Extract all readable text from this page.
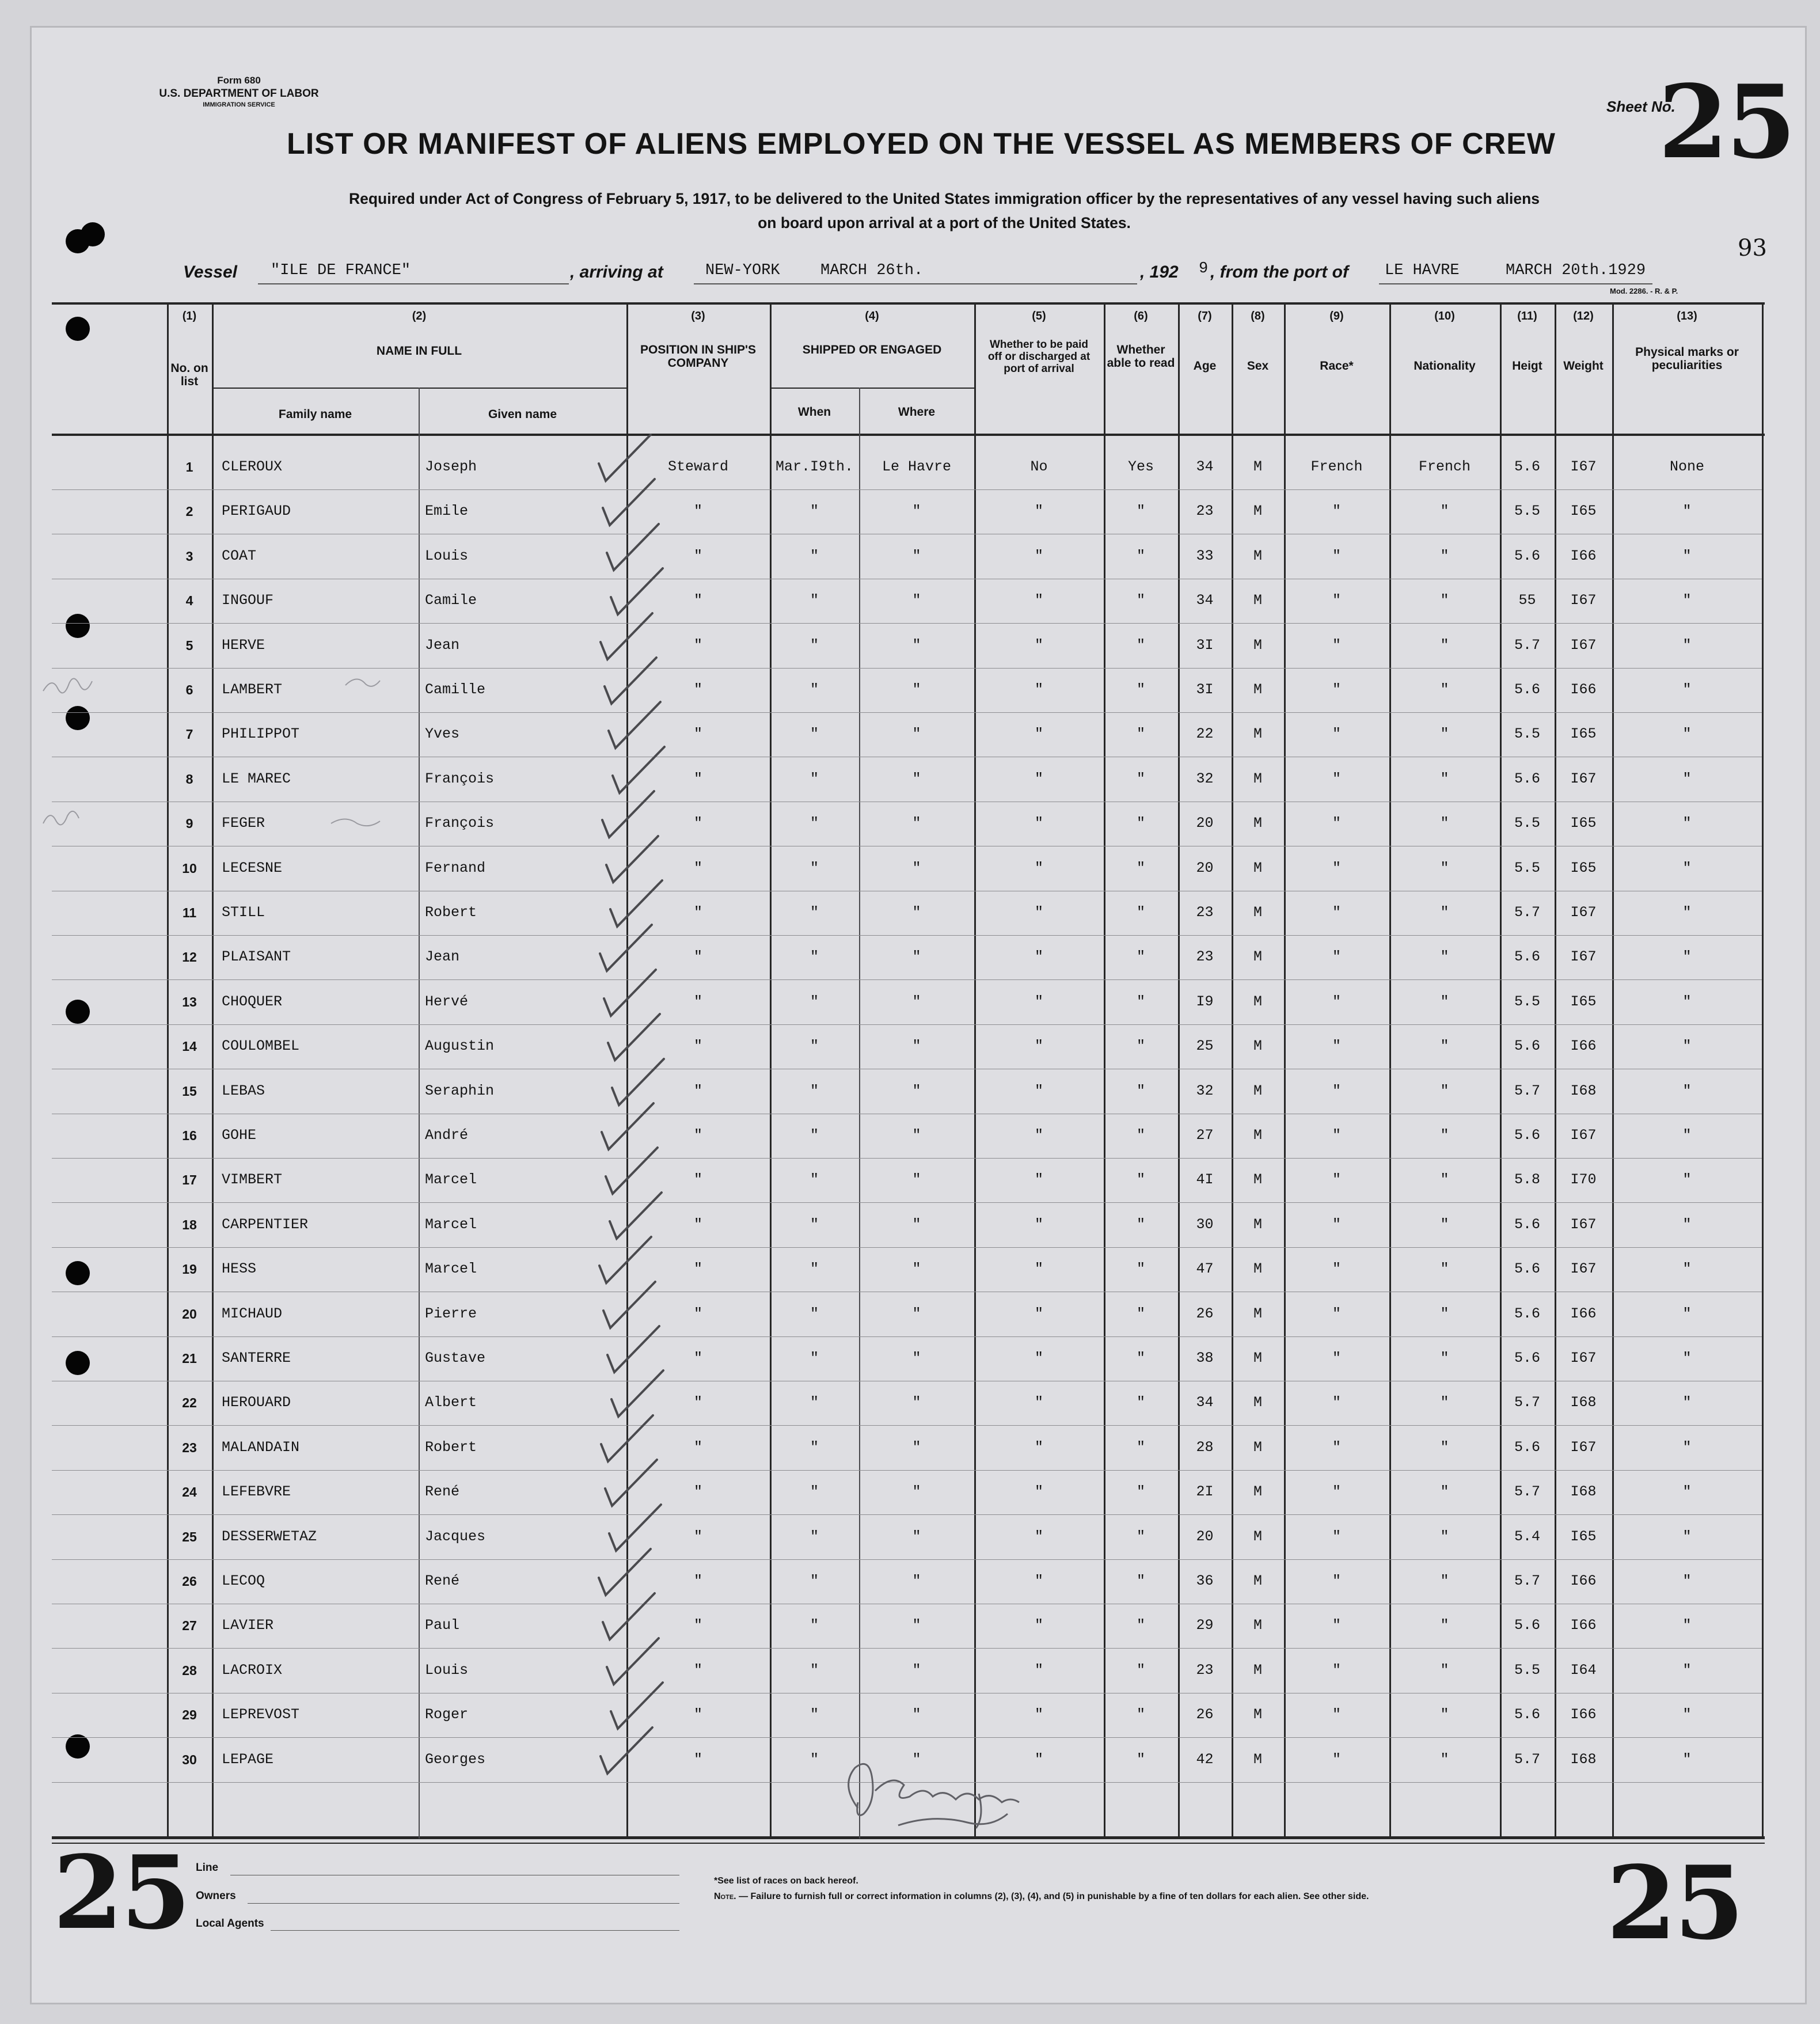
Form 680
U.S. DEPARTMENT OF LABOR
IMMIGRATION SERVICE	Sheet No.
25
93
LIST OR MANIFEST OF ALIENS EMPLOYED ON THE VESSEL AS MEMBERS OF CREW
Required under Act of Congress of February 5, 1917, to be delivered to the United States immigration officer by the representatives of any vessel having such aliens
on board upon arrival at a port of the United States.
Vessel "ILE DE FRANCE"	, arriving at	NEW-YORK	MARCH 26th.	, 192 9 , from the port of LE HAVRE	MARCH 20th.1929
Mod. 2286. - R. & P.
(1)
No. on list
(2)
NAME IN FULL
Family name	Given name
(3)
POSITION IN SHIP'S COMPANY
(4)
SHIPPED OR ENGAGED
When	Where
(5)
Whether to be paid off or discharged at port of arrival
(6)
Whether able to read
(7)
Age
(8)
Sex
(9)
Race*
(10)
Nationality
(11)
Heigt
(12)
Weight
(13)
Physical marks or peculiarities
1	CLEROUX	Joseph	Steward	Mar.I9th.	Le Havre	No	Yes	34	M	French	French	5.6	I67	None
2	PERIGAUD	Emile	"	"	"	"	"	23	M	"	"	5.5	I65	"
3	COAT	Louis	"	"	"	"	"	33	M	"	"	5.6	I66	"
4	INGOUF	Camile	"	"	"	"	"	34	M	"	"	55	I67	"
5	HERVE	Jean	"	"	"	"	"	3I	M	"	"	5.7	I67	"
6	LAMBERT	Camille	"	"	"	"	"	3I	M	"	"	5.6	I66	"
7	PHILIPPOT	Yves	"	"	"	"	"	22	M	"	"	5.5	I65	"
8	LE MAREC	François	"	"	"	"	"	32	M	"	"	5.6	I67	"
9	FEGER	François	"	"	"	"	"	20	M	"	"	5.5	I65	"
10	LECESNE	Fernand	"	"	"	"	"	20	M	"	"	5.5	I65	"
11	STILL	Robert	"	"	"	"	"	23	M	"	"	5.7	I67	"
12	PLAISANT	Jean	"	"	"	"	"	23	M	"	"	5.6	I67	"
13	CHOQUER	Hervé	"	"	"	"	"	I9	M	"	"	5.5	I65	"
14	COULOMBEL	Augustin	"	"	"	"	"	25	M	"	"	5.6	I66	"
15	LEBAS	Seraphin	"	"	"	"	"	32	M	"	"	5.7	I68	"
16	GOHE	André	"	"	"	"	"	27	M	"	"	5.6	I67	"
17	VIMBERT	Marcel	"	"	"	"	"	4I	M	"	"	5.8	I70	"
18	CARPENTIER	Marcel	"	"	"	"	"	30	M	"	"	5.6	I67	"
19	HESS	Marcel	"	"	"	"	"	47	M	"	"	5.6	I67	"
20	MICHAUD	Pierre	"	"	"	"	"	26	M	"	"	5.6	I66	"
21	SANTERRE	Gustave	"	"	"	"	"	38	M	"	"	5.6	I67	"
22	HEROUARD	Albert	"	"	"	"	"	34	M	"	"	5.7	I68	"
23	MALANDAIN	Robert	"	"	"	"	"	28	M	"	"	5.6	I67	"
24	LEFEBVRE	René	"	"	"	"	"	2I	M	"	"	5.7	I68	"
25	DESSERWETAZ	Jacques	"	"	"	"	"	20	M	"	"	5.4	I65	"
26	LECOQ	René	"	"	"	"	"	36	M	"	"	5.7	I66	"
27	LAVIER	Paul	"	"	"	"	"	29	M	"	"	5.6	I66	"
28	LACROIX	Louis	"	"	"	"	"	23	M	"	"	5.5	I64	"
29	LEPREVOST	Roger	"	"	"	"	"	26	M	"	"	5.6	I66	"
30	LEPAGE	Georges	"	"	"	"	"	42	M	"	"	5.7	I68	"
25	25
Line
Owners
Local Agents
*See list of races on back hereof.
Note. — Failure to furnish full or correct information in columns (2), (3), (4), and (5) in punishable by a fine of ten dollars for each alien. See other side.
